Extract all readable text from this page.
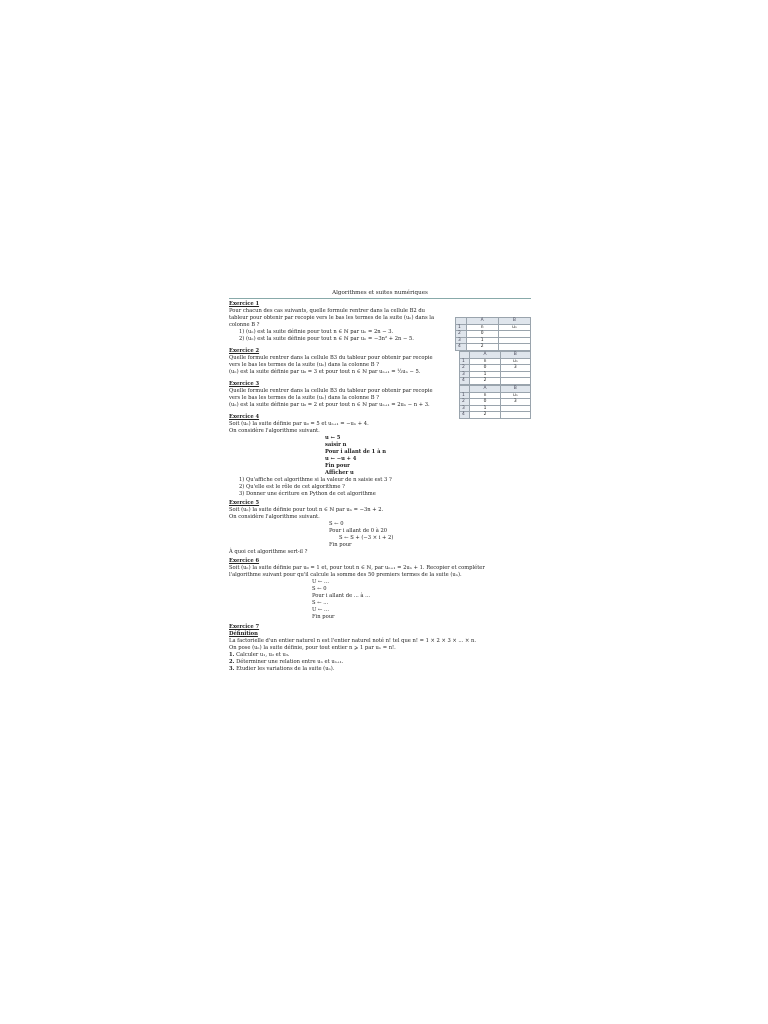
Algorithmes et suites numériques
Exercice 1

Pour chacun des cas suivants, quelle formule rentrer dans la cellule B2 du

tableur pour obtenir par recopie vers le bas les termes de la suite (uₙ) dans la

colonne B ?

1) (uₙ) est la suite définie pour tout n ∈ ℕ par uₙ = 2n − 3.

2) (uₙ) est la suite définie pour tout n ∈ ℕ par uₙ = −3n² + 2n − 5.

	A	B
1	n	uₙ
2	0	
3	1	
4	2	
Exercice 2

Quelle formule rentrer dans la cellule B3 du tableur pour obtenir par recopie

vers le bas les termes de la suite (uₙ) dans la colonne B ?

(uₙ) est la suite définie par u₀ = 3 et pour tout n ∈ ℕ par uₙ₊₁ = ½uₙ − 5.

	A	B
1	n	uₙ
2	0	3
3	1	
4	2	
Exercice 3

Quelle formule rentrer dans la cellule B3 du tableur pour obtenir par recopie

vers le bas les termes de la suite (uₙ) dans la colonne B ?

(uₙ) est la suite définie par u₀ = 2 et pour tout n ∈ ℕ par uₙ₊₁ = 2uₙ − n + 3.

	A	B
1	n	uₙ
2	0	3
3	1	
4	2	
Exercice 4

Soit (uₙ) la suite définie par u₀ = 5 et uₙ₊₁ = −uₙ + 4.

On considère l'algorithme suivant.

u ← 5

saisir n

Pour i allant de 1 à n

u ← −u + 4

Fin pour

Afficher u

1) Qu'affiche cet algorithme si la valeur de n saisie est 3 ?

2) Qu'elle est le rôle de cet algorithme ?

3) Donner une écriture en Python de cet algorithme

Exercice 5

Soit (uₙ) la suite définie pour tout n ∈ ℕ par uₙ = −3n + 2.

On considère l'algorithme suivant.

S ← 0

Pour i allant de 0 à 20

S ← S + (−3 × i + 2)

Fin pour

À quoi cet algorithme sert-il ?

Exercice 6

Soit (uₙ) la suite définie par u₀ = 1 et, pour tout n ∈ ℕ, par uₙ₊₁ = 2uₙ + 1. Recopier et compléter

l'algorithme suivant pour qu'il calcule la somme des 50 premiers termes de la suite (uₙ).

U ← ...

S ← 0

Pour i allant de ... à ...

S ← ...

U ← ...

Fin pour

Exercice 7
Définition

La factorielle d'un entier naturel n est l'entier naturel noté n! tel que n! = 1 × 2 × 3 × ... × n.

On pose (uₙ) la suite définie, pour tout entier n ⩾ 1 par uₙ = n!.

1. Calculer u₁, u₂ et u₃.

2. Déterminer une relation entre uₙ et uₙ₊₁.

3. Etudier les variations de la suite (uₙ).
